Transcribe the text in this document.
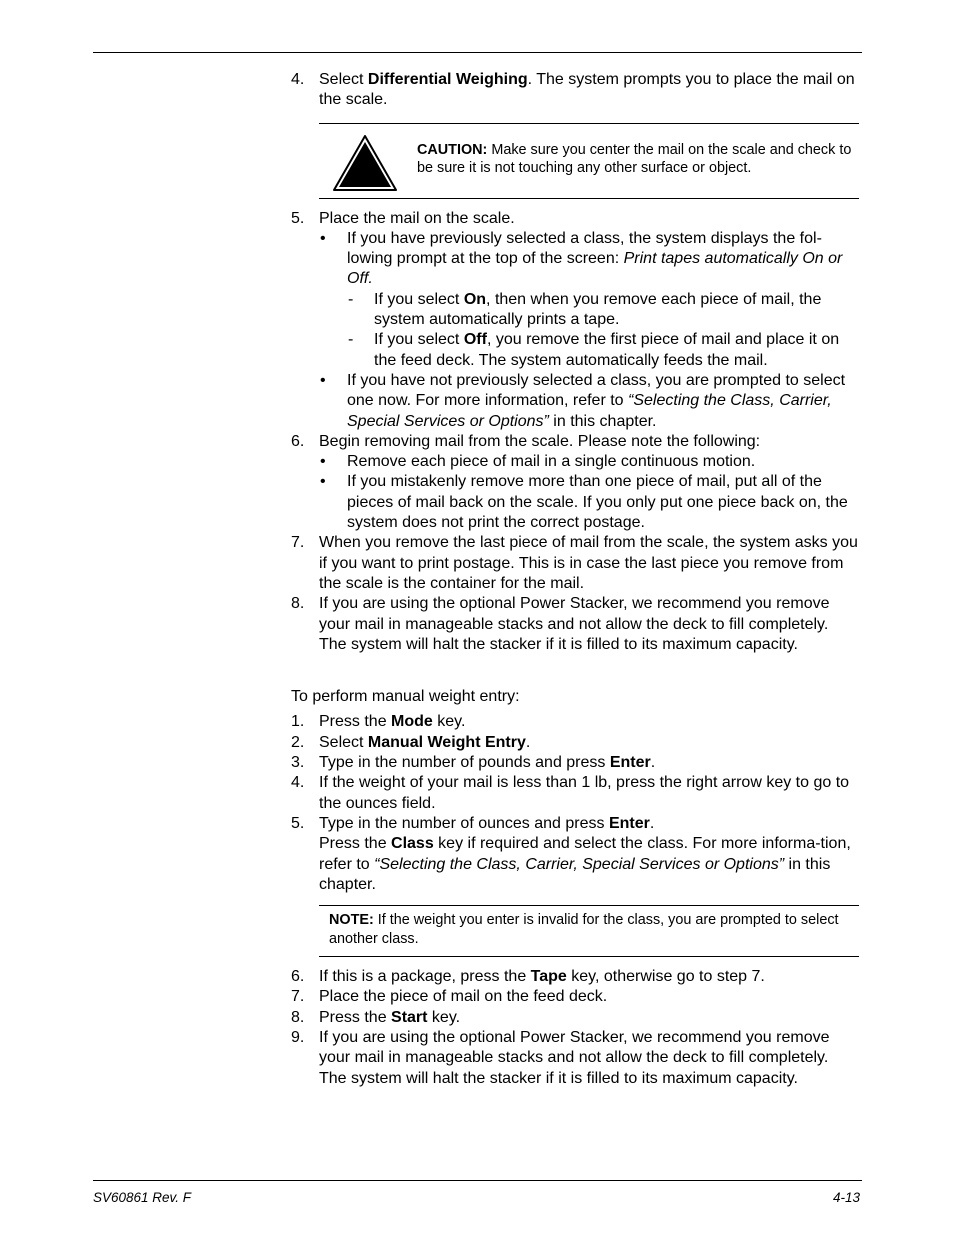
4. Select Differential Weighing. The system prompts you to place the mail on the scale.
CAUTION: Make sure you center the mail on the scale and check to be sure it is not touching any other surface or object.
5. Place the mail on the scale.
• If you have previously selected a class, the system displays the fol-lowing prompt at the top of the screen: Print tapes automatically On or Off.
- If you select On, then when you remove each piece of mail, the system automatically prints a tape.
- If you select Off, you remove the first piece of mail and place it on the feed deck. The system automatically feeds the mail.
• If you have not previously selected a class, you are prompted to select one now. For more information, refer to “Selecting the Class, Carrier, Special Services or Options” in this chapter.
6. Begin removing mail from the scale. Please note the following:
• Remove each piece of mail in a single continuous motion.
• If you mistakenly remove more than one piece of mail, put all of the pieces of mail back on the scale. If you only put one piece back on, the system does not print the correct postage.
7. When you remove the last piece of mail from the scale, the system asks you if you want to print postage. This is in case the last piece you remove from the scale is the container for the mail.
8. If you are using the optional Power Stacker, we recommend you remove your mail in manageable stacks and not allow the deck to fill completely. The system will halt the stacker if it is filled to its maximum capacity.
To perform manual weight entry:
1. Press the Mode key.
2. Select Manual Weight Entry.
3. Type in the number of pounds and press Enter.
4. If the weight of your mail is less than 1 lb, press the right arrow key to go to the ounces field.
5. Type in the number of ounces and press Enter.
Press the Class key if required and select the class. For more informa-tion, refer to “Selecting the Class, Carrier, Special Services or Options” in this chapter.
NOTE: If the weight you enter is invalid for the class, you are prompted to select another class.
6. If this is a package, press the Tape key, otherwise go to step 7.
7. Place the piece of mail on the feed deck.
8. Press the Start key.
9. If you are using the optional Power Stacker, we recommend you remove your mail in manageable stacks and not allow the deck to fill completely. The system will halt the stacker if it is filled to its maximum capacity.
SV60861 Rev. F	4-13
